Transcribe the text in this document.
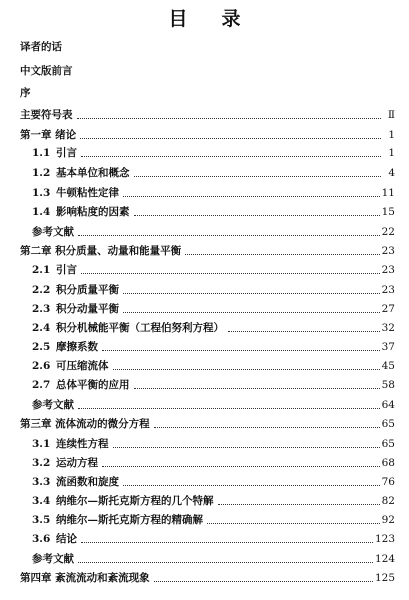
目 录
译者的话
中文版前言
序
主要符号表	Ⅱ
第一章 绪论	1
1.1 引言	1
1.2 基本单位和概念	4
1.3 牛顿粘性定律	11
1.4 影响粘度的因素	15
参考文献	22
第二章 积分质量、动量和能量平衡	23
2.1 引言	23
2.2 积分质量平衡	23
2.3 积分动量平衡	27
2.4 积分机械能平衡（工程伯努利方程）	32
2.5 摩擦系数	37
2.6 可压缩流体	45
2.7 总体平衡的应用	58
参考文献	64
第三章 流体流动的微分方程	65
3.1 连续性方程	65
3.2 运动方程	68
3.3 流函数和旋度	76
3.4 纳维尔—斯托克斯方程的几个特解	82
3.5 纳维尔—斯托克斯方程的精确解	92
3.6 结论	123
参考文献	124
第四章 紊流流动和紊流现象	125
